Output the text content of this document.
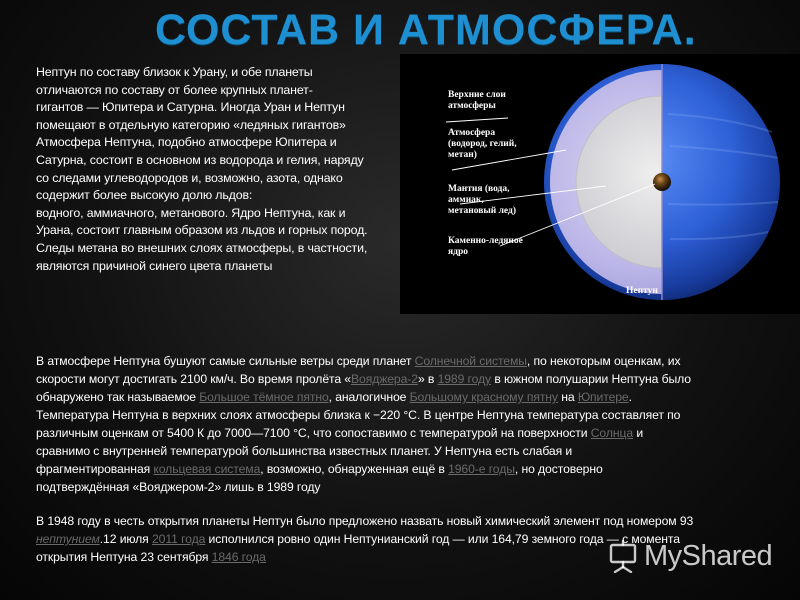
СОСТАВ И АТМОСФЕРА.
Нептун по составу близок к Урану, и обе планеты
отличаются по составу от более крупных планет-
гигантов — Юпитера и Сатурна. Иногда Уран и Нептун
помещают в отдельную категорию «ледяных гигантов»
Атмосфера Нептуна, подобно атмосфере Юпитера и
Сатурна, состоит в основном из водорода и гелия, наряду
со следами углеводородов и, возможно, азота, однако
содержит более высокую долю льдов:
водного, аммиачного, метанового. Ядро Нептуна, как и
Урана, состоит главным образом из льдов и горных пород.
Следы метана во внешних слоях атмосферы, в частности,
являются причиной синего цвета планеты
Верхние слои
атмосферы
Атмосфера
(водород, гелий,
метан)
Мантия (вода,
аммиак,
метановый лед)
Каменно-ледяное
ядро
Нептун
В атмосфере Нептуна бушуют самые сильные ветры среди планет Солнечной системы, по некоторым оценкам, их
скорости могут достигать 2100 км/ч. Во время пролёта «Вояджера-2» в 1989 году в южном полушарии Нептуна было
обнаружено так называемое Большое тёмное пятно, аналогичное Большому красному пятну на Юпитере.
Температура Нептуна в верхних слоях атмосферы близка к −220 °C. В центре Нептуна температура составляет по
различным оценкам от 5400 К до 7000—7100 °C, что сопоставимо с температурой на поверхности Солнца и
сравнимо с внутренней температурой большинства известных планет. У Нептуна есть слабая и
фрагментированная кольцевая система, возможно, обнаруженная ещё в 1960-е годы, но достоверно
подтверждённая «Вояджером-2» лишь в 1989 году
В 1948 году в честь открытия планеты Нептун было предложено назвать новый химический элемент под номером 93
нептунием.12 июля 2011 года исполнился ровно один Нептунианский год — или 164,79 земного года — с момента
открытия Нептуна 23 сентября 1846 года	MyShared
